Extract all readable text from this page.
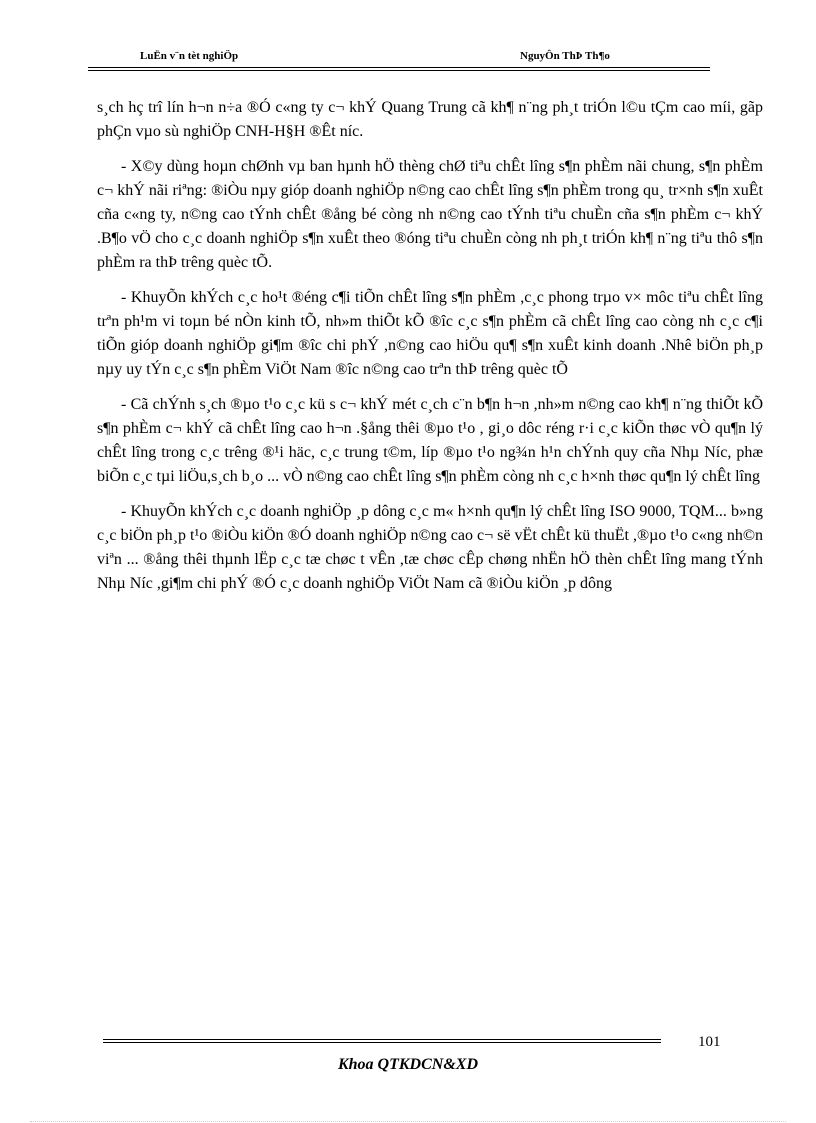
LuËn v¨n tèt nghiÖp	NguyÔn ThÞ Th¶o

s¸ch hç trî lín h¬n n÷a ®Ó c«ng ty c¬ khÝ Quang Trung cã kh¶ n¨ng ph¸t triÓn l©u tÇm cao míi, gãp phÇn vµo sù nghiÖp CNH-H§H ®Êt níc.

- X©y dùng hoµn chØnh vµ ban hµnh hÖ thèng chØ tiªu chÊt lîng s¶n phÈm nãi chung, s¶n phÈm c¬ khÝ nãi riªng: ®iÒu nµy gióp doanh nghiÖp n©ng cao chÊt lîng s¶n phÈm trong qu¸ tr×nh s¶n xuÊt cña c«ng ty, n©ng cao tÝnh chÊt ®ång bé còng nh n©ng cao tÝnh tiªu chuÈn cña s¶n phÈm c¬ khÝ .B¶o vÖ cho c¸c doanh nghiÖp s¶n xuÊt theo ®óng tiªu chuÈn còng nh ph¸t triÓn kh¶ n¨ng tiªu thô s¶n phÈm ra thÞ trêng quèc tÕ.

- KhuyÕn khÝch c¸c ho¹t ®éng c¶i tiÕn chÊt lîng s¶n phÈm ,c¸c phong trµo v× môc tiªu chÊt lîng trªn ph¹m vi toµn bé nÒn kinh tÕ, nh»m thiÕt kÕ ®îc c¸c s¶n phÈm cã chÊt lîng cao còng nh c¸c c¶i tiÕn gióp doanh nghiÖp gi¶m ®îc chi phÝ ,n©ng cao hiÖu qu¶ s¶n xuÊt kinh doanh .Nhê biÖn ph¸p nµy uy tÝn c¸c s¶n phÈm ViÖt Nam ®îc n©ng cao trªn thÞ trêng quèc tÕ

- Cã chÝnh s¸ch ®µo t¹o c¸c kü s c¬ khÝ mét c¸ch c¨n b¶n h¬n ,nh»m n©ng cao kh¶ n¨ng thiÕt kÕ s¶n phÈm c¬ khÝ cã chÊt lîng cao h¬n .§ång thêi ®µo t¹o , gi¸o dôc réng r·i c¸c kiÕn thøc vÒ qu¶n lý chÊt lîng trong c¸c trêng ®¹i häc, c¸c trung t©m, líp ®µo t¹o ng¾n h¹n chÝnh quy cña Nhµ Níc, phæ biÕn c¸c tµi liÖu,s¸ch b¸o ... vÒ n©ng cao chÊt lîng s¶n phÈm còng nh c¸c h×nh thøc qu¶n lý chÊt lîng

- KhuyÕn khÝch c¸c doanh nghiÖp ¸p dông c¸c m« h×nh qu¶n lý chÊt lîng ISO 9000, TQM... b»ng c¸c biÖn ph¸p t¹o ®iÒu kiÖn ®Ó doanh nghiÖp n©ng cao c¬ së vËt chÊt kü thuËt ,®µo t¹o c«ng nh©n viªn ... ®ång thêi thµnh lËp c¸c tæ chøc t vÊn ,tæ chøc cÊp chøng nhËn hÖ thèn chÊt lîng mang tÝnh Nhµ Níc ,gi¶m chi phÝ ®Ó c¸c doanh nghiÖp ViÖt Nam cã ®iÒu kiÖn ¸p dông

101
Khoa QTKDCN&XD
